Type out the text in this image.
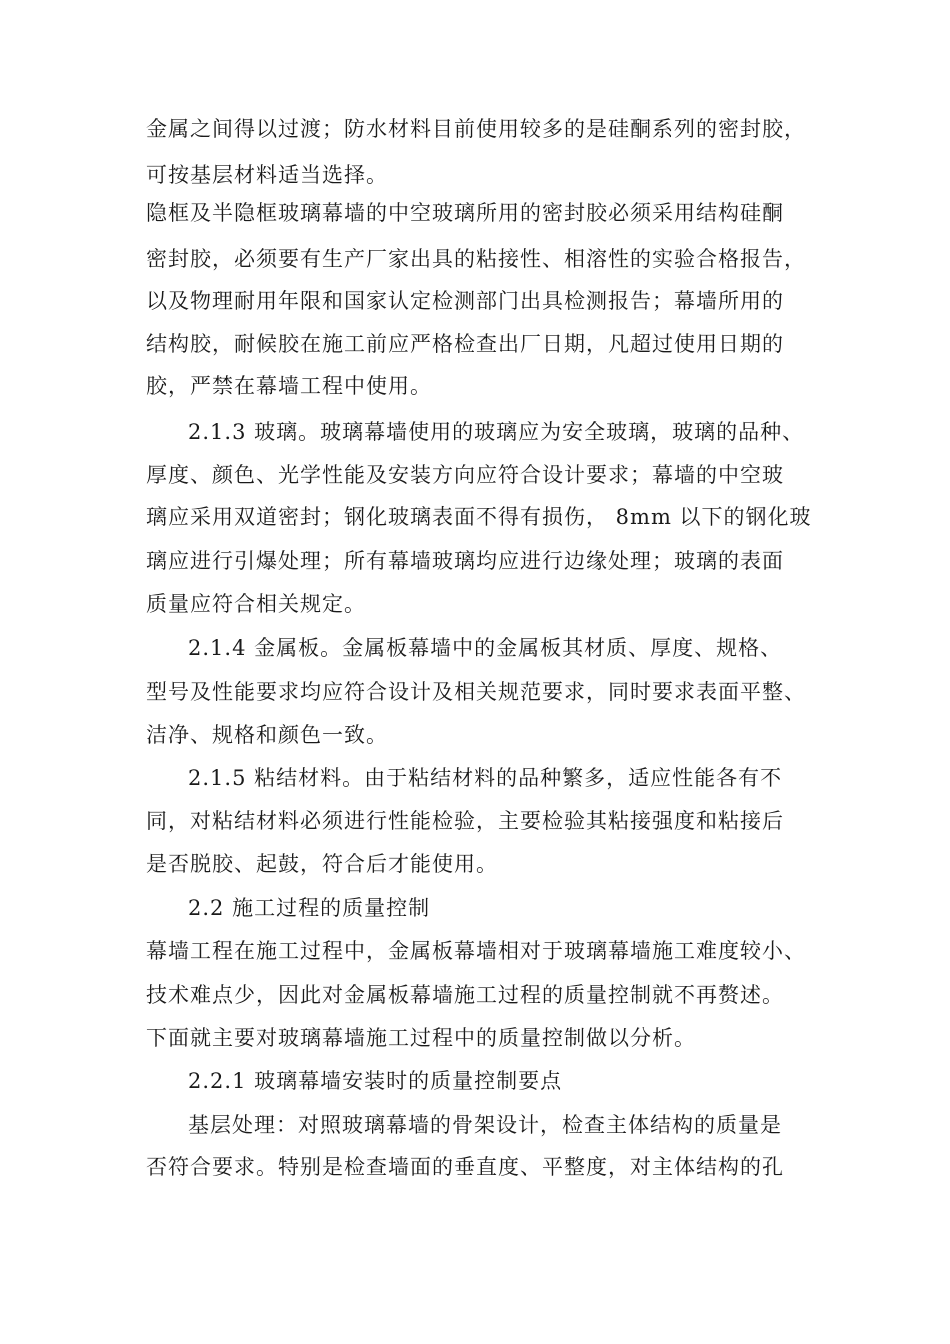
金属之间得以过渡；防水材料目前使用较多的是硅酮系列的密封胶，
可按基层材料适当选择。
隐框及半隐框玻璃幕墙的中空玻璃所用的密封胶必须采用结构硅酮
密封胶，必须要有生产厂家出具的粘接性、相溶性的实验合格报告，
以及物理耐用年限和国家认定检测部门出具检测报告；幕墙所用的
结构胶，耐候胶在施工前应严格检查出厂日期，凡超过使用日期的
胶，严禁在幕墙工程中使用。
2.1.3 玻璃。玻璃幕墙使用的玻璃应为安全玻璃，玻璃的品种、
厚度、颜色、光学性能及安装方向应符合设计要求；幕墙的中空玻
璃应采用双道密封；钢化玻璃表面不得有损伤， 8mm 以下的钢化玻
璃应进行引爆处理；所有幕墙玻璃均应进行边缘处理；玻璃的表面
质量应符合相关规定。
2.1.4 金属板。金属板幕墙中的金属板其材质、厚度、规格、
型号及性能要求均应符合设计及相关规范要求，同时要求表面平整、
洁净、规格和颜色一致。
2.1.5 粘结材料。由于粘结材料的品种繁多，适应性能各有不
同，对粘结材料必须进行性能检验，主要检验其粘接强度和粘接后
是否脱胶、起鼓，符合后才能使用。
2.2 施工过程的质量控制
幕墙工程在施工过程中，金属板幕墙相对于玻璃幕墙施工难度较小、
技术难点少，因此对金属板幕墙施工过程的质量控制就不再赘述。
下面就主要对玻璃幕墙施工过程中的质量控制做以分析。
2.2.1 玻璃幕墙安装时的质量控制要点
基层处理：对照玻璃幕墙的骨架设计，检查主体结构的质量是
否符合要求。特别是检查墙面的垂直度、平整度，对主体结构的孔
